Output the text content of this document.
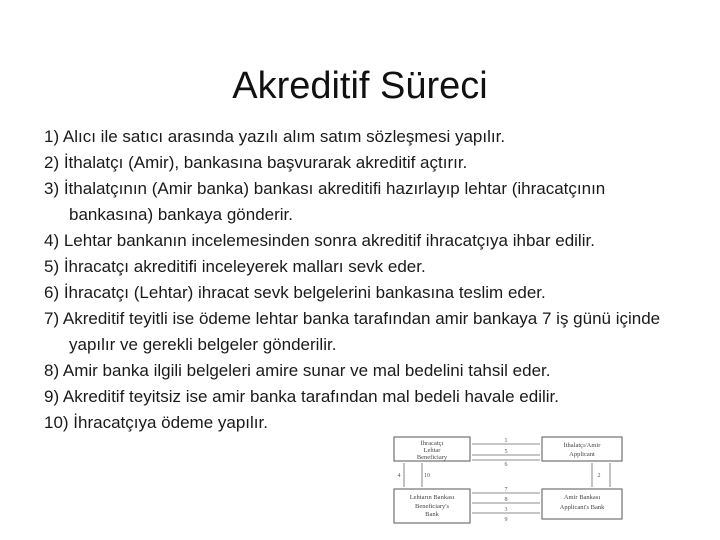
Akreditif Süreci
1) Alıcı ile satıcı arasında yazılı alım satım sözleşmesi yapılır.
2) İthalatçı (Amir), bankasına başvurarak akreditif açtırır.
3) İthalatçının (Amir banka) bankası akreditifi hazırlayıp lehtar (ihracatçının bankasına) bankaya gönderir.
4) Lehtar bankanın incelemesinden sonra akreditif ihracatçıya ihbar edilir.
5) İhracatçı akreditifi inceleyerek malları sevk eder.
6) İhracatçı (Lehtar) ihracat sevk belgelerini bankasına teslim eder.
7) Akreditif teyitli ise ödeme lehtar banka tarafından amir bankaya 7 iş günü içinde yapılır ve gerekli belgeler gönderilir.
8) Amir banka ilgili belgeleri amire sunar ve mal bedelini tahsil eder.
9) Akreditif teyitsiz ise amir banka tarafından mal bedeli havale edilir.
10) İhracatçıya ödeme yapılır.
İhracatçı
Lehtar
Beneficiary
İthalatçı/Amir
Applicant
Lehtarın Bankası
Beneficiary's
Bank
Amir Bankası
Applicant's Bank
1
5
6
4	2
7
8
3
9
10
